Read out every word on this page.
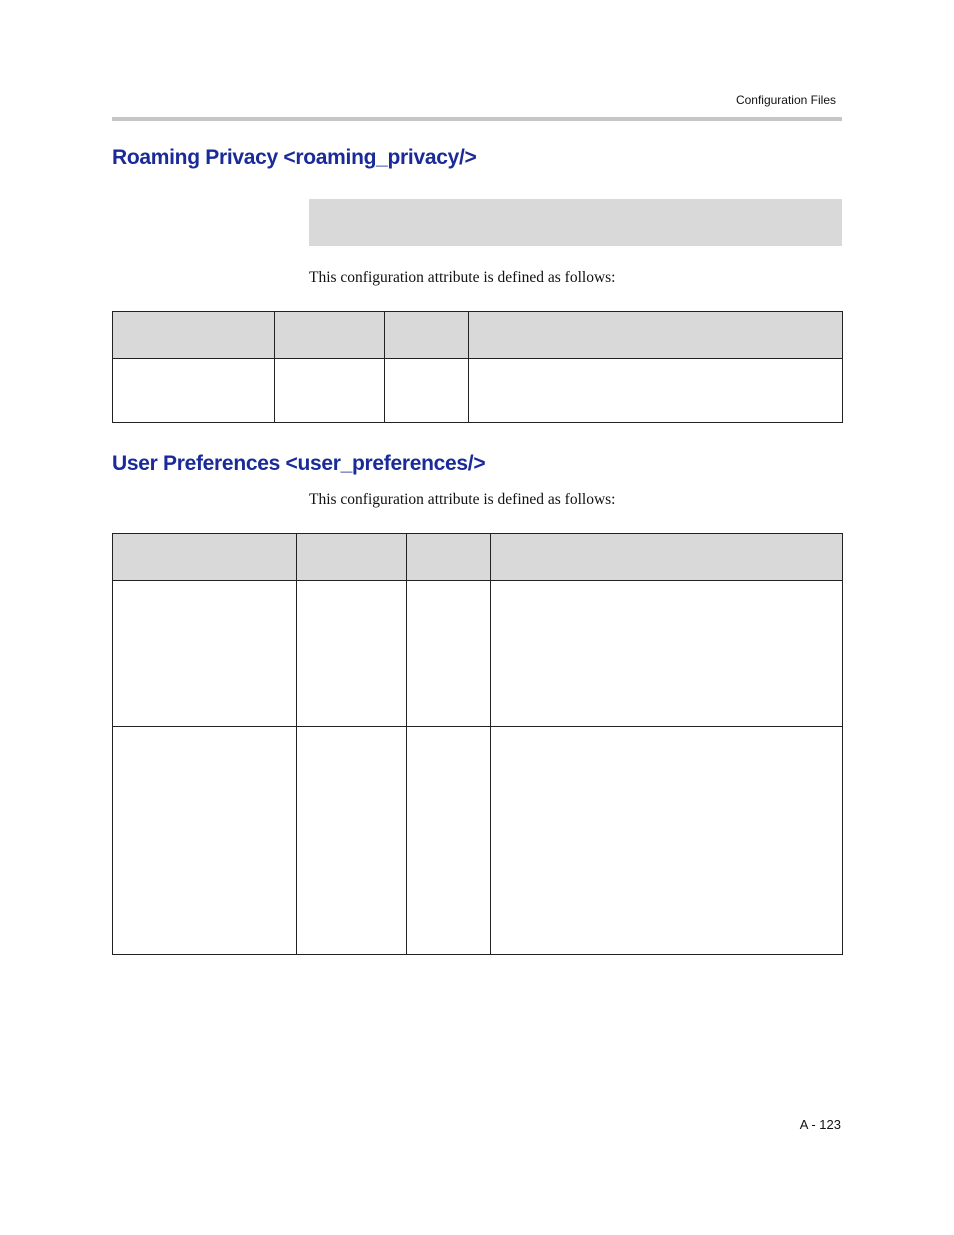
Configuration Files
Roaming Privacy <roaming_privacy/>

This configuration attribute is defined as follows:

User Preferences <user_preferences/>

This configuration attribute is defined as follows:

A - 123
